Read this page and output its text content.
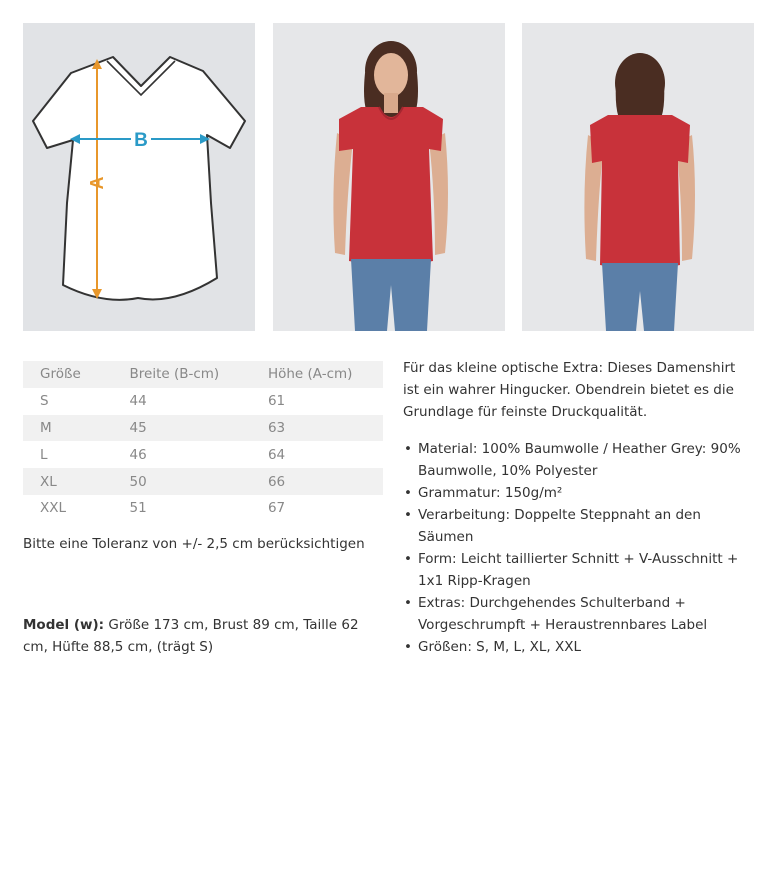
A
B
Größe	Breite (B-cm)	Höhe (A-cm)
S	44	61
M	45	63
L	46	64
XL	50	66
XXL	51	67
Bitte eine Toleranz von +/- 2,5 cm berücksichtigen
Model (w): Größe 173 cm, Brust 89 cm, Taille 62 cm, Hüfte 88,5 cm, (trägt S)
Für das kleine optische Extra: Dieses Damenshirt ist ein wahrer Hingucker. Obendrein bietet es die Grundlage für feinste Druckqualität.
• Material: 100% Baumwolle / Heather Grey: 90% Baumwolle, 10% Polyester
• Grammatur: 150g/m²
• Verarbeitung: Doppelte Steppnaht an den Säumen
• Form: Leicht taillierter Schnitt + V-Ausschnitt + 1x1 Ripp-Kragen
• Extras: Durchgehendes Schulterband + Vorgeschrumpft + Heraustrennbares Label
• Größen: S, M, L, XL, XXL
